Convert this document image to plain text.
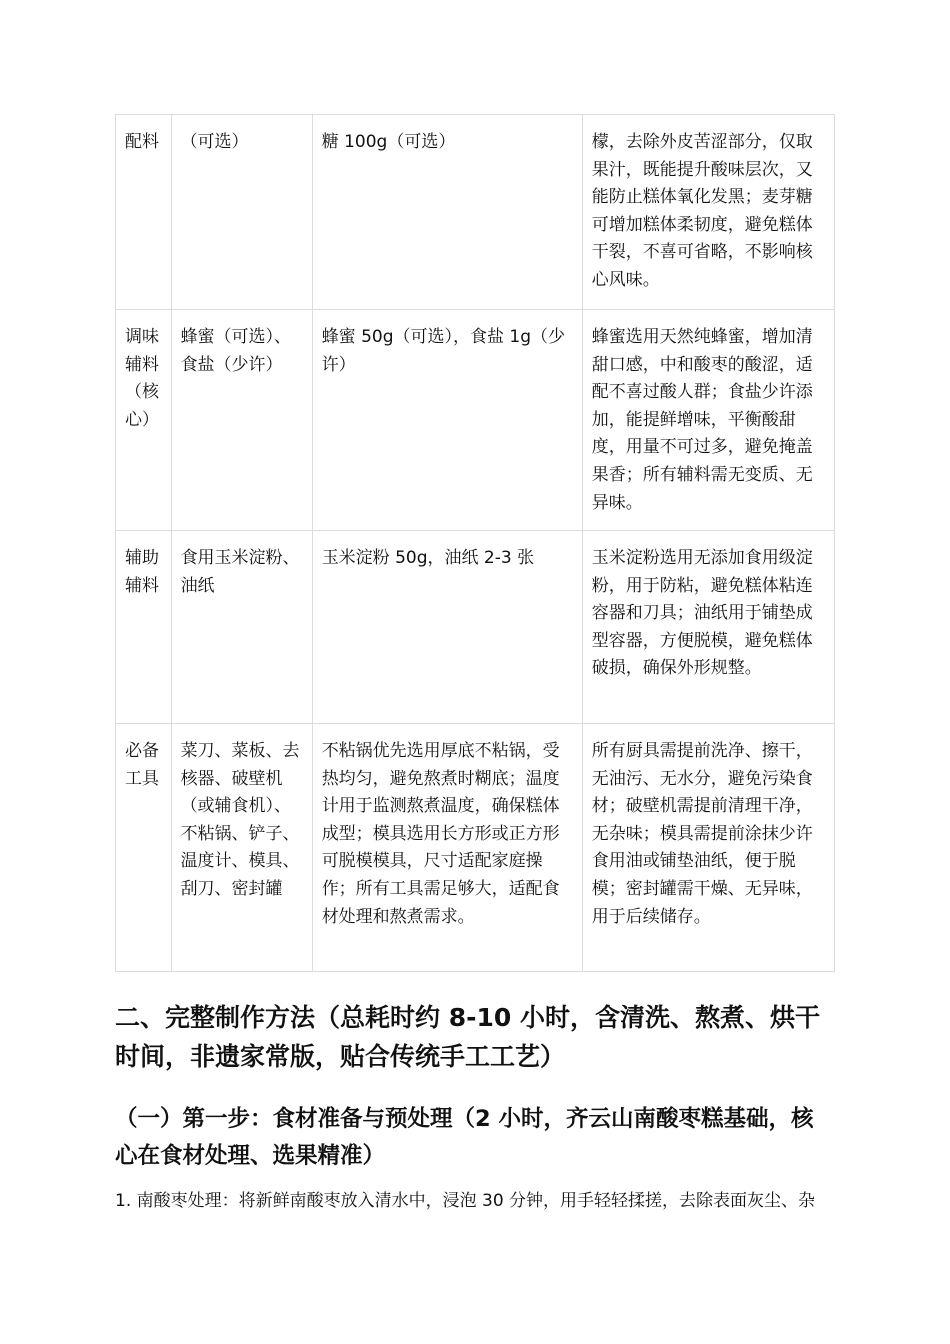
配料	（可选）	糖 100g（可选）	檬，去除外皮苦涩部分，仅取果汁，既能提升酸味层次，又能防止糕体氧化发黑；麦芽糖可增加糕体柔韧度，避免糕体干裂，不喜可省略，不影响核心风味。
调味辅料（核心）	蜂蜜（可选）、食盐（少许）	蜂蜜 50g（可选），食盐 1g（少许）	蜂蜜选用天然纯蜂蜜，增加清甜口感，中和酸枣的酸涩，适配不喜过酸人群；食盐少许添加，能提鲜增味，平衡酸甜度，用量不可过多，避免掩盖果香；所有辅料需无变质、无异味。
辅助辅料	食用玉米淀粉、油纸	玉米淀粉 50g，油纸 2-3 张	玉米淀粉选用无添加食用级淀粉，用于防粘，避免糕体粘连容器和刀具；油纸用于铺垫成型容器，方便脱模，避免糕体破损，确保外形规整。
必备工具	菜刀、菜板、去核器、破壁机（或辅食机）、不粘锅、铲子、温度计、模具、刮刀、密封罐	不粘锅优先选用厚底不粘锅，受热均匀，避免熬煮时糊底；温度计用于监测熬煮温度，确保糕体成型；模具选用长方形或正方形可脱模模具，尺寸适配家庭操作；所有工具需足够大，适配食材处理和熬煮需求。	所有厨具需提前洗净、擦干，无油污、无水分，避免污染食材；破壁机需提前清理干净，无杂味；模具需提前涂抹少许食用油或铺垫油纸，便于脱模；密封罐需干燥、无异味，用于后续储存。
二、完整制作方法（总耗时约 8-10 小时，含清洗、熬煮、烘干时间，非遗家常版，贴合传统手工工艺）
（一）第一步：食材准备与预处理（2 小时，齐云山南酸枣糕基础，核心在食材处理、选果精准）
1. 南酸枣处理：将新鲜南酸枣放入清水中，浸泡 30 分钟，用手轻轻揉搓，去除表面灰尘、杂
